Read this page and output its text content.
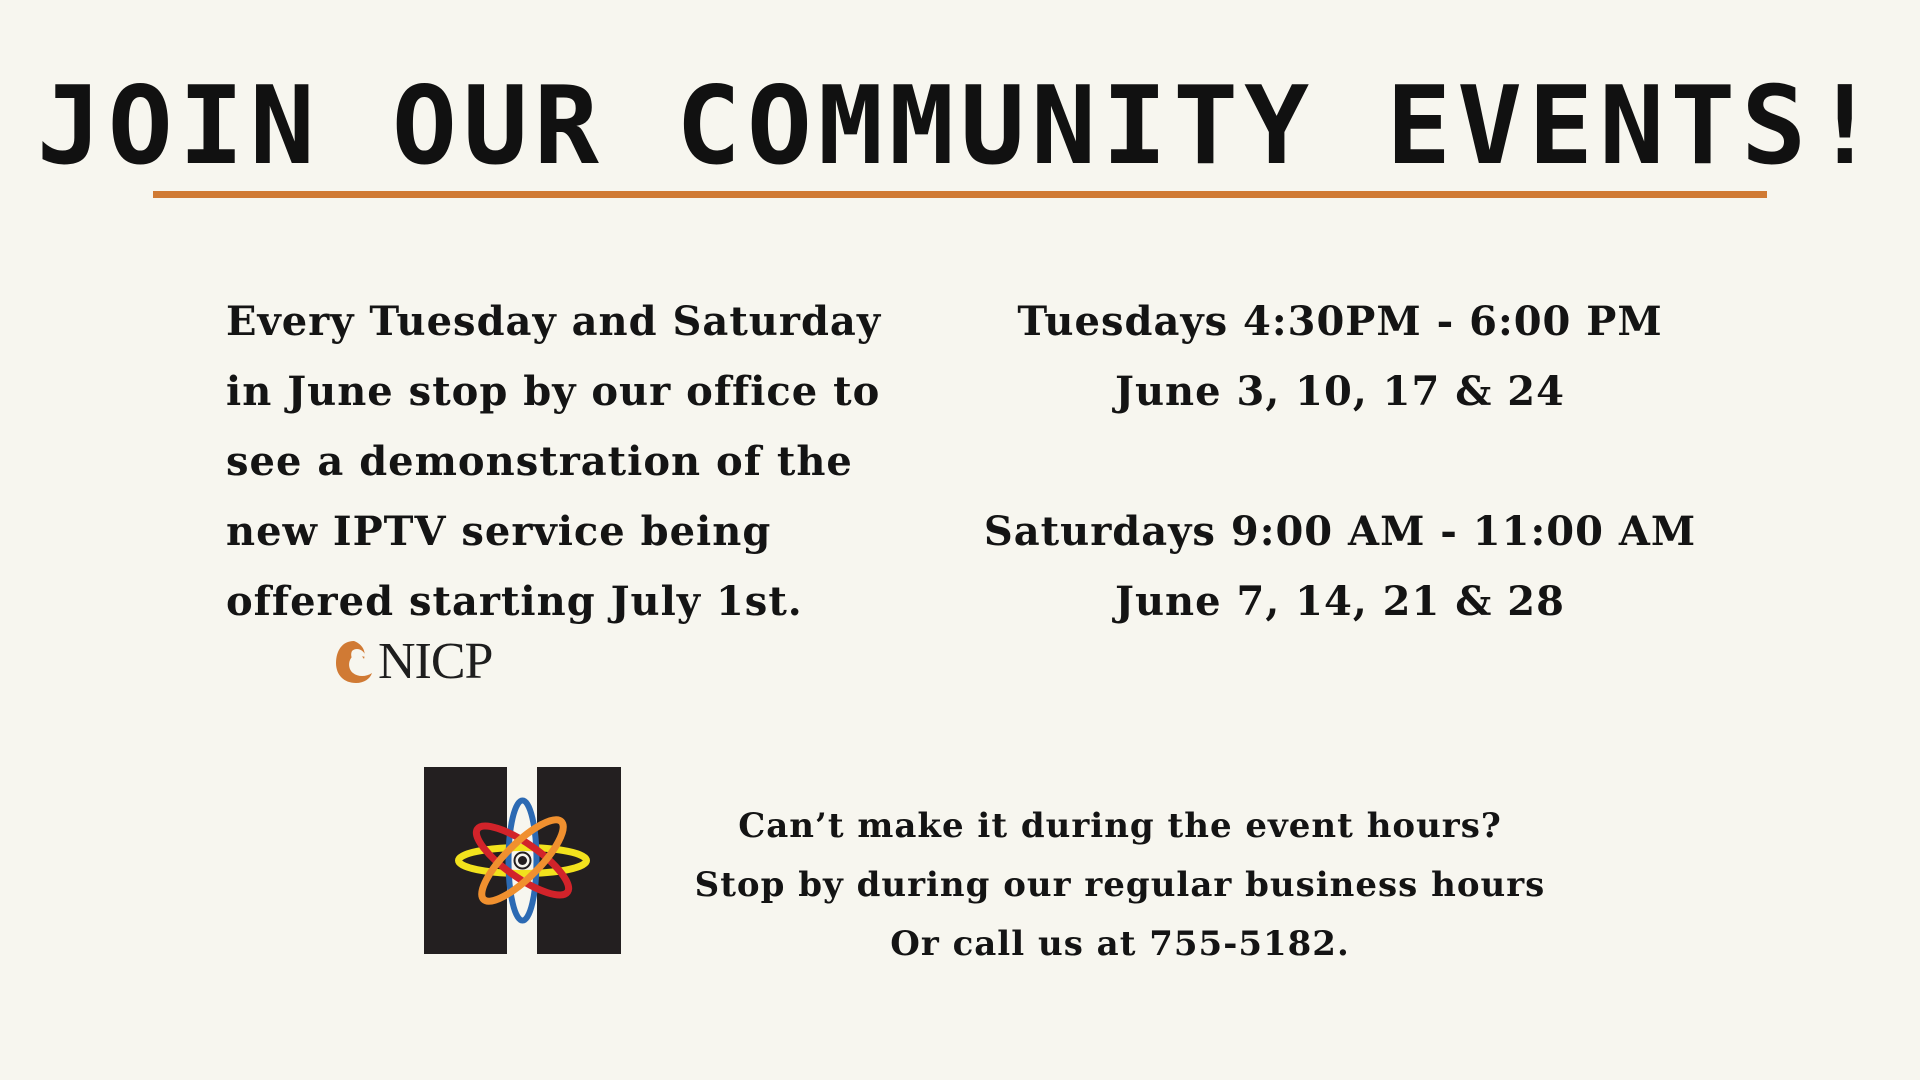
JOIN OUR COMMUNITY EVENTS!

Every Tuesday and Saturday
in June stop by our office to
see a demonstration of the
new IPTV service being
offered starting July 1st.

Tuesdays 4:30PM - 6:00 PM
June 3, 10, 17 & 24
Saturdays 9:00 AM - 11:00 AM
June 7, 14, 21 & 28
NICP
Can’t make it during the event hours?
Stop by during our regular business hours
Or call us at 755-5182.
